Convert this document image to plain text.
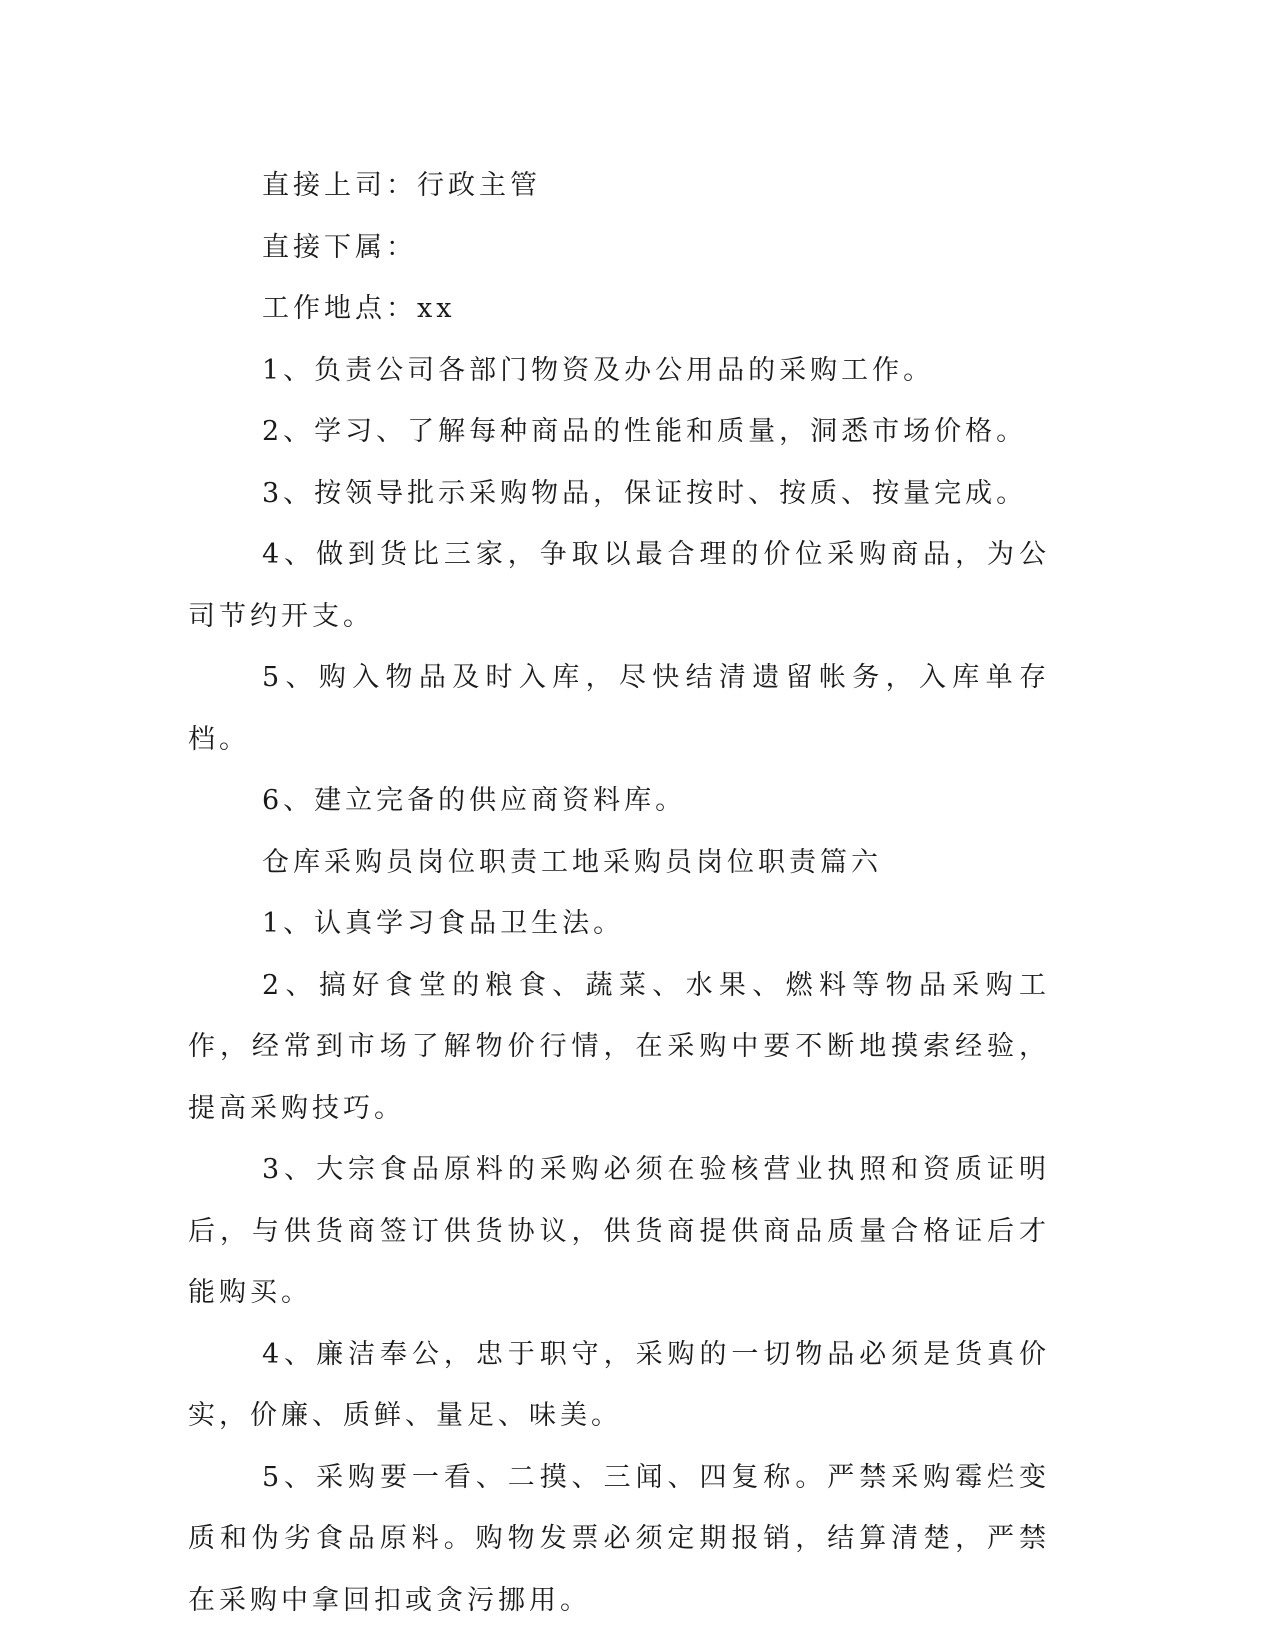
直接上司：行政主管

直接下属：

工作地点：xx

1、负责公司各部门物资及办公用品的采购工作。

2、学习、了解每种商品的性能和质量，洞悉市场价格。

3、按领导批示采购物品，保证按时、按质、按量完成。

4、做到货比三家，争取以最合理的价位采购商品，为公司节约开支。

5、购入物品及时入库，尽快结清遗留帐务，入库单存档。

6、建立完备的供应商资料库。

仓库采购员岗位职责工地采购员岗位职责篇六

1、认真学习食品卫生法。

2、搞好食堂的粮食、蔬菜、水果、燃料等物品采购工作，经常到市场了解物价行情，在采购中要不断地摸索经验，提高采购技巧。

3、大宗食品原料的采购必须在验核营业执照和资质证明后，与供货商签订供货协议，供货商提供商品质量合格证后才能购买。

4、廉洁奉公，忠于职守，采购的一切物品必须是货真价实，价廉、质鲜、量足、味美。

5、采购要一看、二摸、三闻、四复称。严禁采购霉烂变质和伪劣食品原料。购物发票必须定期报销，结算清楚，严禁在采购中拿回扣或贪污挪用。
